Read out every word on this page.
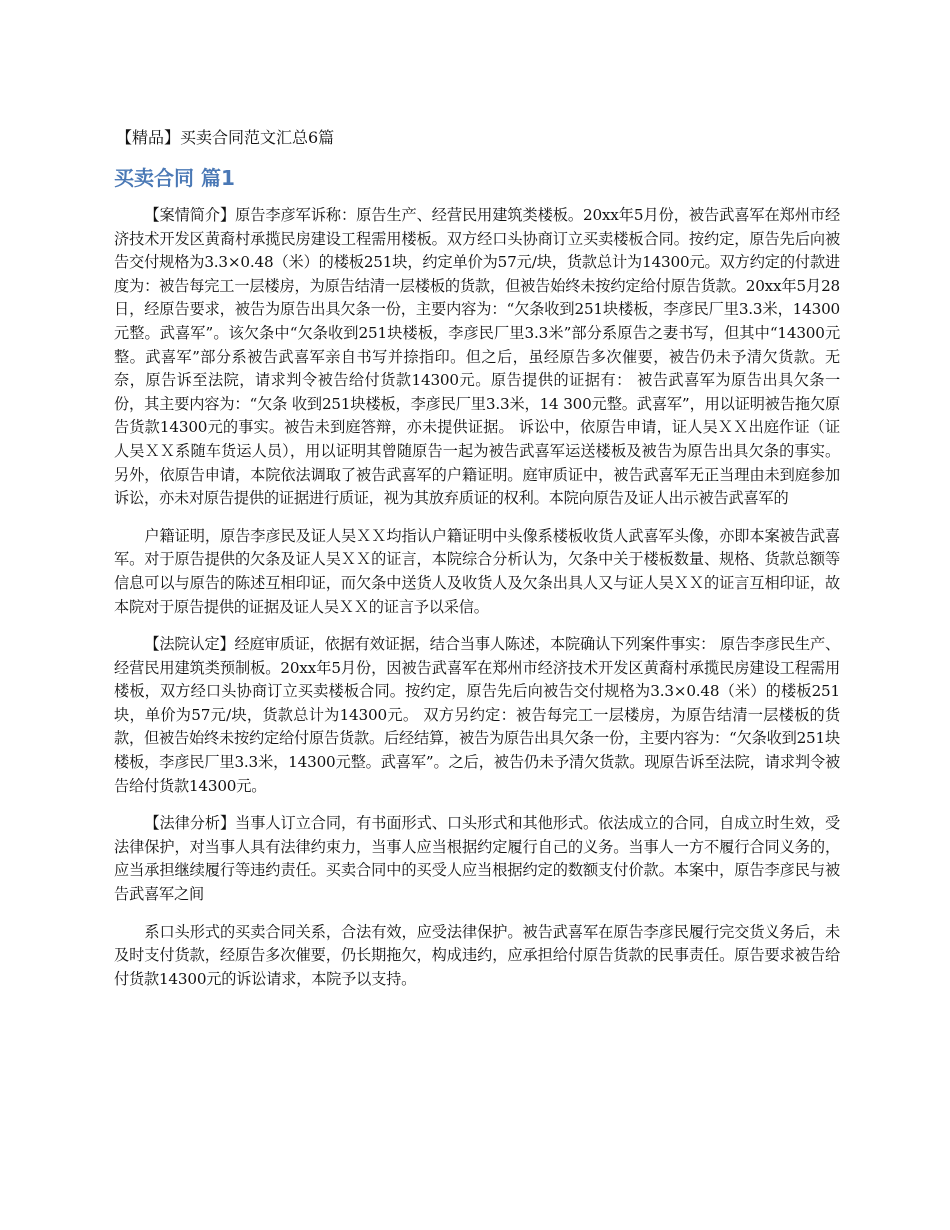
【精品】买卖合同范文汇总6篇
买卖合同 篇1

【案情简介】原告李彦军诉称：原告生产、经营民用建筑类楼板。20xx年5月份，被告武喜军在郑州市经济技术开发区黄裔村承揽民房建设工程需用楼板。双方经口头协商订立买卖楼板合同。按约定，原告先后向被告交付规格为3.3×0.48（米）的楼板251块，约定单价为57元/块，货款总计为14300元。双方约定的付款进度为：被告每完工一层楼房，为原告结清一层楼板的货款，但被告始终未按约定给付原告货款。20xx年5月28日，经原告要求，被告为原告出具欠条一份，主要内容为：“欠条收到251块楼板，李彦民厂里3.3米，14300元整。武喜军”。该欠条中“欠条收到251块楼板，李彦民厂里3.3米”部分系原告之妻书写，但其中“14300元整。武喜军”部分系被告武喜军亲自书写并捺指印。但之后，虽经原告多次催要，被告仍未予清欠货款。无奈，原告诉至法院，请求判令被告给付货款14300元。原告提供的证据有： 被告武喜军为原告出具欠条一份，其主要内容为：“欠条 收到251块楼板，李彦民厂里3.3米，14 300元整。武喜军”，用以证明被告拖欠原告货款14300元的事实。被告未到庭答辩，亦未提供证据。 诉讼中，依原告申请，证人吴ＸＸ出庭作证（证人吴ＸＸ系随车货运人员），用以证明其曾随原告一起为被告武喜军运送楼板及被告为原告出具欠条的事实。另外，依原告申请，本院依法调取了被告武喜军的户籍证明。庭审质证中，被告武喜军无正当理由未到庭参加诉讼，亦未对原告提供的证据进行质证，视为其放弃质证的权利。本院向原告及证人出示被告武喜军的

户籍证明，原告李彦民及证人吴ＸＸ均指认户籍证明中头像系楼板收货人武喜军头像，亦即本案被告武喜军。对于原告提供的欠条及证人吴ＸＸ的证言，本院综合分析认为，欠条中关于楼板数量、规格、货款总额等信息可以与原告的陈述互相印证，而欠条中送货人及收货人及欠条出具人又与证人吴ＸＸ的证言互相印证，故本院对于原告提供的证据及证人吴ＸＸ的证言予以采信。

【法院认定】经庭审质证，依据有效证据，结合当事人陈述，本院确认下列案件事实： 原告李彦民生产、经营民用建筑类预制板。20xx年5月份，因被告武喜军在郑州市经济技术开发区黄裔村承揽民房建设工程需用楼板，双方经口头协商订立买卖楼板合同。按约定，原告先后向被告交付规格为3.3×0.48（米）的楼板251块，单价为57元/块，货款总计为14300元。 双方另约定：被告每完工一层楼房，为原告结清一层楼板的货款，但被告始终未按约定给付原告货款。后经结算，被告为原告出具欠条一份，主要内容为：“欠条收到251块楼板，李彦民厂里3.3米，14300元整。武喜军”。之后，被告仍未予清欠货款。现原告诉至法院，请求判令被告给付货款14300元。

【法律分析】当事人订立合同，有书面形式、口头形式和其他形式。依法成立的合同，自成立时生效，受法律保护，对当事人具有法律约束力，当事人应当根据约定履行自己的义务。当事人一方不履行合同义务的，应当承担继续履行等违约责任。买卖合同中的买受人应当根据约定的数额支付价款。本案中，原告李彦民与被告武喜军之间

系口头形式的买卖合同关系，合法有效，应受法律保护。被告武喜军在原告李彦民履行完交货义务后，未及时支付货款，经原告多次催要，仍长期拖欠，构成违约，应承担给付原告货款的民事责任。原告要求被告给付货款14300元的诉讼请求，本院予以支持。
